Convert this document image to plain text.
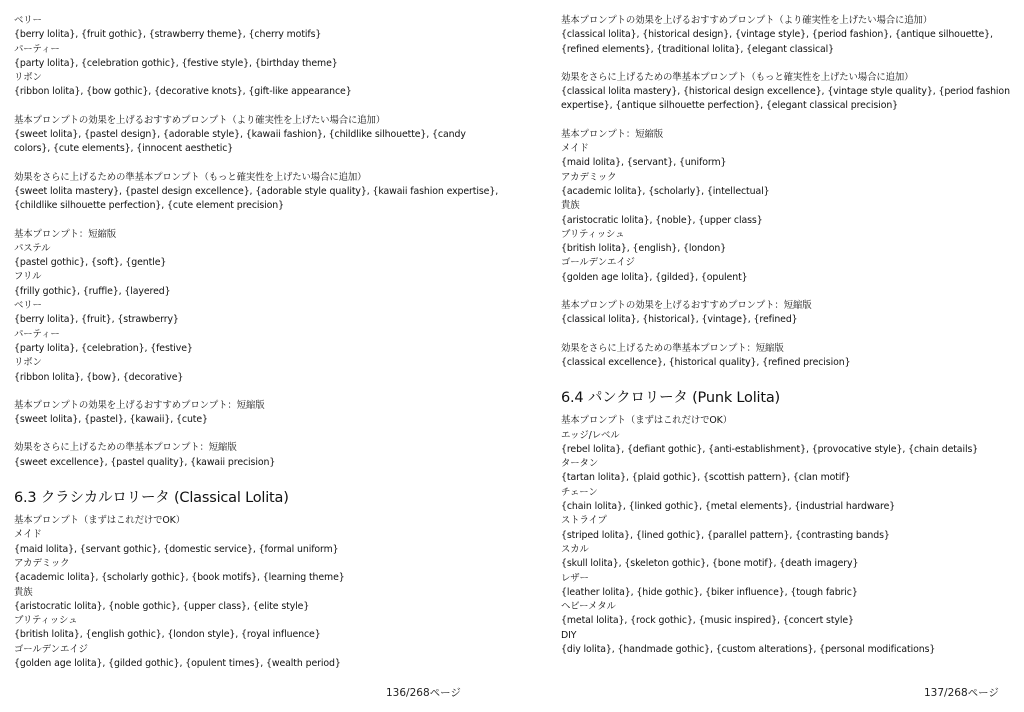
ベリー
{berry lolita}, {fruit gothic}, {strawberry theme}, {cherry motifs}
パーティー
{party lolita}, {celebration gothic}, {festive style}, {birthday theme}
リボン
{ribbon lolita}, {bow gothic}, {decorative knots}, {gift-like appearance}
基本プロンプトの効果を上げるおすすめプロンプト（より確実性を上げたい場合に追加）
{sweet lolita}, {pastel design}, {adorable style}, {kawaii fashion}, {childlike silhouette}, {candy colors}, {cute elements}, {innocent aesthetic}
効果をさらに上げるための準基本プロンプト（もっと確実性を上げたい場合に追加）
{sweet lolita mastery}, {pastel design excellence}, {adorable style quality}, {kawaii fashion expertise}, {childlike silhouette perfection}, {cute element precision}
基本プロンプト：短縮版
パステル
{pastel gothic}, {soft}, {gentle}
フリル
{frilly gothic}, {ruffle}, {layered}
ベリー
{berry lolita}, {fruit}, {strawberry}
パーティー
{party lolita}, {celebration}, {festive}
リボン
{ribbon lolita}, {bow}, {decorative}
基本プロンプトの効果を上げるおすすめプロンプト：短縮版
{sweet lolita}, {pastel}, {kawaii}, {cute}
効果をさらに上げるための準基本プロンプト：短縮版
{sweet excellence}, {pastel quality}, {kawaii precision}
6.3 クラシカルロリータ (Classical Lolita)
基本プロンプト（まずはこれだけでOK）
メイド
{maid lolita}, {servant gothic}, {domestic service}, {formal uniform}
アカデミック
{academic lolita}, {scholarly gothic}, {book motifs}, {learning theme}
貴族
{aristocratic lolita}, {noble gothic}, {upper class}, {elite style}
ブリティッシュ
{british lolita}, {english gothic}, {london style}, {royal influence}
ゴールデンエイジ
{golden age lolita}, {gilded gothic}, {opulent times}, {wealth period}
基本プロンプトの効果を上げるおすすめプロンプト（より確実性を上げたい場合に追加）
{classical lolita}, {historical design}, {vintage style}, {period fashion}, {antique silhouette}, {refined elements}, {traditional lolita}, {elegant classical}
効果をさらに上げるための準基本プロンプト（もっと確実性を上げたい場合に追加）
{classical lolita mastery}, {historical design excellence}, {vintage style quality}, {period fashion expertise}, {antique silhouette perfection}, {elegant classical precision}
基本プロンプト：短縮版
メイド
{maid lolita}, {servant}, {uniform}
アカデミック
{academic lolita}, {scholarly}, {intellectual}
貴族
{aristocratic lolita}, {noble}, {upper class}
ブリティッシュ
{british lolita}, {english}, {london}
ゴールデンエイジ
{golden age lolita}, {gilded}, {opulent}
基本プロンプトの効果を上げるおすすめプロンプト：短縮版
{classical lolita}, {historical}, {vintage}, {refined}
効果をさらに上げるための準基本プロンプト：短縮版
{classical excellence}, {historical quality}, {refined precision}
6.4 パンクロリータ (Punk Lolita)
基本プロンプト（まずはこれだけでOK）
エッジ/レベル
{rebel lolita}, {defiant gothic}, {anti-establishment}, {provocative style}, {chain details}
タータン
{tartan lolita}, {plaid gothic}, {scottish pattern}, {clan motif}
チェーン
{chain lolita}, {linked gothic}, {metal elements}, {industrial hardware}
ストライプ
{striped lolita}, {lined gothic}, {parallel pattern}, {contrasting bands}
スカル
{skull lolita}, {skeleton gothic}, {bone motif}, {death imagery}
レザー
{leather lolita}, {hide gothic}, {biker influence}, {tough fabric}
ヘビーメタル
{metal lolita}, {rock gothic}, {music inspired}, {concert style}
DIY
{diy lolita}, {handmade gothic}, {custom alterations}, {personal modifications}
136/268ページ	137/268ページ
